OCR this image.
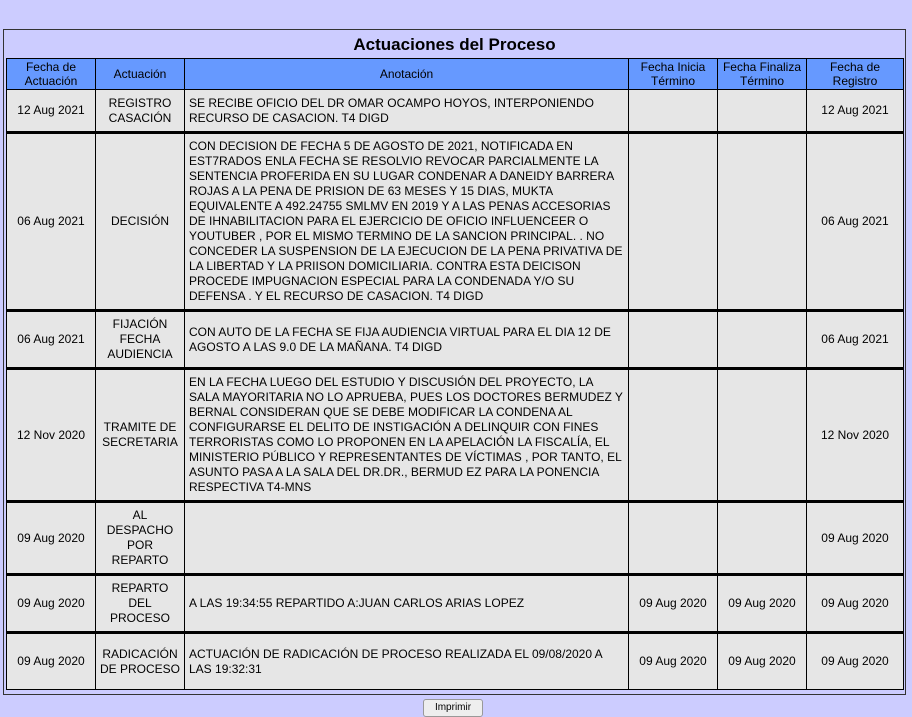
Actuaciones del Proceso
Fecha de Actuación	Actuación	Anotación	Fecha Inicia Término	Fecha Finaliza Término	Fecha de Registro
12 Aug 2021	REGISTRO CASACIÓN	SE RECIBE OFICIO DEL DR OMAR OCAMPO HOYOS, INTERPONIENDO RECURSO DE CASACION. T4 DIGD			12 Aug 2021
06 Aug 2021	DECISIÓN	CON DECISION DE FECHA 5 DE AGOSTO DE 2021, NOTIFICADA EN EST7RADOS ENLA FECHA SE RESOLVIO REVOCAR PARCIALMENTE LA SENTENCIA PROFERIDA EN SU LUGAR CONDENAR A DANEIDY BARRERA ROJAS A LA PENA DE PRISION DE 63 MESES Y 15 DIAS, MUKTA EQUIVALENTE A 492.24755 SMLMV EN 2019 Y A LAS PENAS ACCESORIAS DE IHNABILITACION PARA EL EJERCICIO DE OFICIO INFLUENCEER O YOUTUBER , POR EL MISMO TERMINO DE LA SANCION PRINCIPAL. . NO CONCEDER LA SUSPENSION DE LA EJECUCION DE LA PENA PRIVATIVA DE LA LIBERTAD Y LA PRIISON DOMICILIARIA. CONTRA ESTA DEICISON PROCEDE IMPUGNACION ESPECIAL PARA LA CONDENADA Y/O SU DEFENSA . Y EL RECURSO DE CASACION. T4 DIGD			06 Aug 2021
06 Aug 2021	FIJACIÓN FECHA AUDIENCIA	CON AUTO DE LA FECHA SE FIJA AUDIENCIA VIRTUAL PARA EL DIA 12 DE AGOSTO A LAS 9.0 DE LA MAÑANA. T4 DIGD			06 Aug 2021
12 Nov 2020	TRAMITE DE SECRETARIA	EN LA FECHA LUEGO DEL ESTUDIO Y DISCUSIÓN DEL PROYECTO, LA SALA MAYORITARIA NO LO APRUEBA, PUES LOS DOCTORES BERMUDEZ Y BERNAL CONSIDERAN QUE SE DEBE MODIFICAR LA CONDENA AL CONFIGURARSE EL DELITO DE INSTIGACIÓN A DELINQUIR CON FINES TERRORISTAS COMO LO PROPONEN EN LA APELACIÓN LA FISCALÍA, EL MINISTERIO PÚBLICO Y REPRESENTANTES DE VÍCTIMAS , POR TANTO, EL ASUNTO PASA A LA SALA DEL DR.DR., BERMUD EZ PARA LA PONENCIA RESPECTIVA T4-MNS			12 Nov 2020
09 Aug 2020	AL DESPACHO POR REPARTO				09 Aug 2020
09 Aug 2020	REPARTO DEL PROCESO	A LAS 19:34:55 REPARTIDO A:JUAN CARLOS ARIAS LOPEZ	09 Aug 2020	09 Aug 2020	09 Aug 2020
09 Aug 2020	RADICACIÓN DE PROCESO	ACTUACIÓN DE RADICACIÓN DE PROCESO REALIZADA EL 09/08/2020 A LAS 19:32:31	09 Aug 2020	09 Aug 2020	09 Aug 2020
Imprimir
